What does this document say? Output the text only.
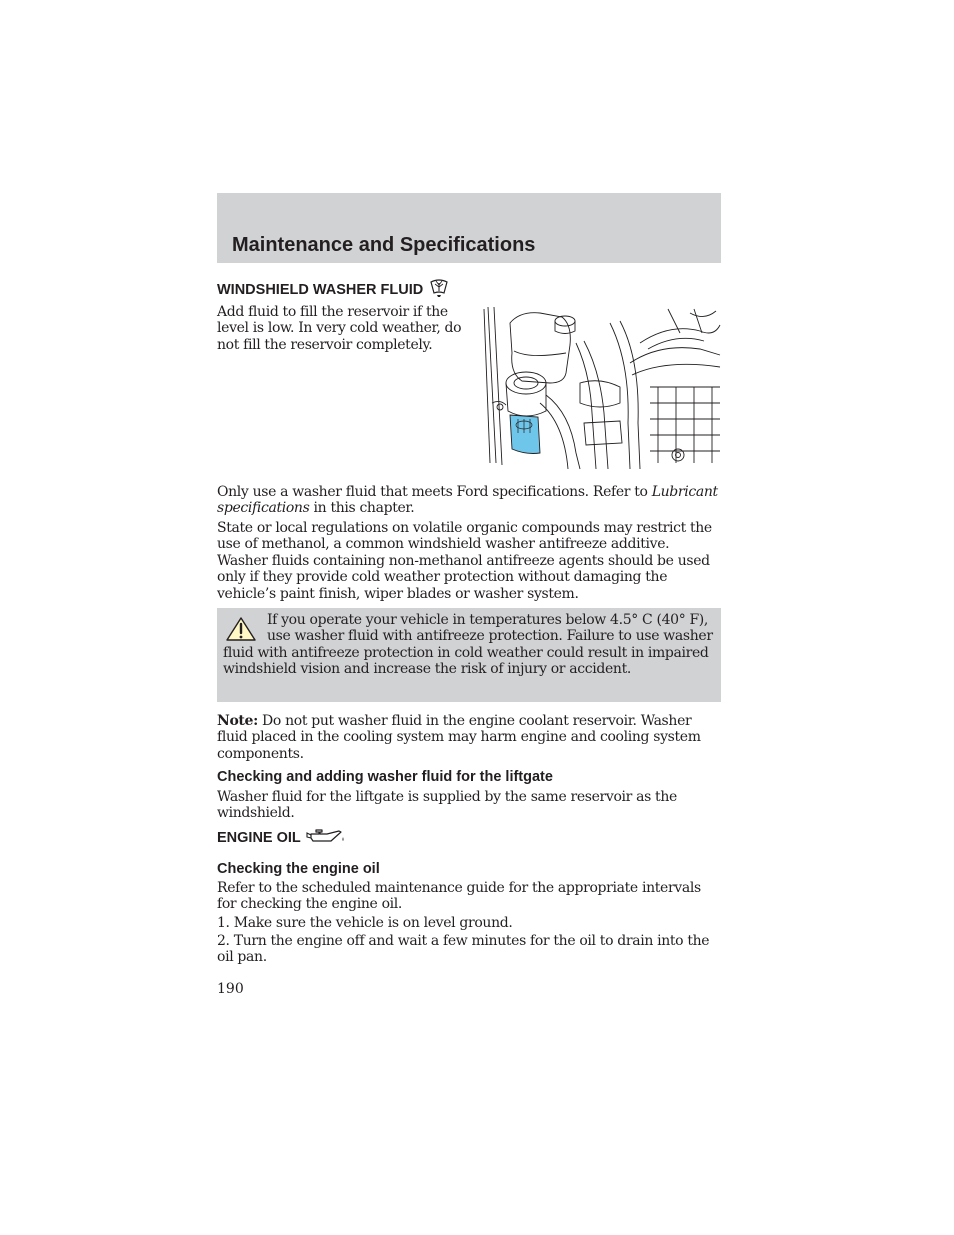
Maintenance and Specifications
WINDSHIELD WASHER FLUID

Add fluid to fill the reservoir if the level is low. In very cold weather, do not fill the reservoir completely.

Only use a washer fluid that meets Ford specifications. Refer to Lubricant specifications in this chapter.

State or local regulations on volatile organic compounds may restrict the use of methanol, a common windshield washer antifreeze additive. Washer fluids containing non-methanol antifreeze agents should be used only if they provide cold weather protection without damaging the vehicle’s paint finish, wiper blades or washer system.

If you operate your vehicle in temperatures below 4.5° C (40° F), use washer fluid with antifreeze protection. Failure to use washer fluid with antifreeze protection in cold weather could result in impaired windshield vision and increase the risk of injury or accident.

Note: Do not put washer fluid in the engine coolant reservoir. Washer fluid placed in the cooling system may harm engine and cooling system components.

Checking and adding washer fluid for the liftgate

Washer fluid for the liftgate is supplied by the same reservoir as the windshield.

ENGINE OIL
Checking the engine oil

Refer to the scheduled maintenance guide for the appropriate intervals for checking the engine oil.

1. Make sure the vehicle is on level ground.

2. Turn the engine off and wait a few minutes for the oil to drain into the oil pan.

190
